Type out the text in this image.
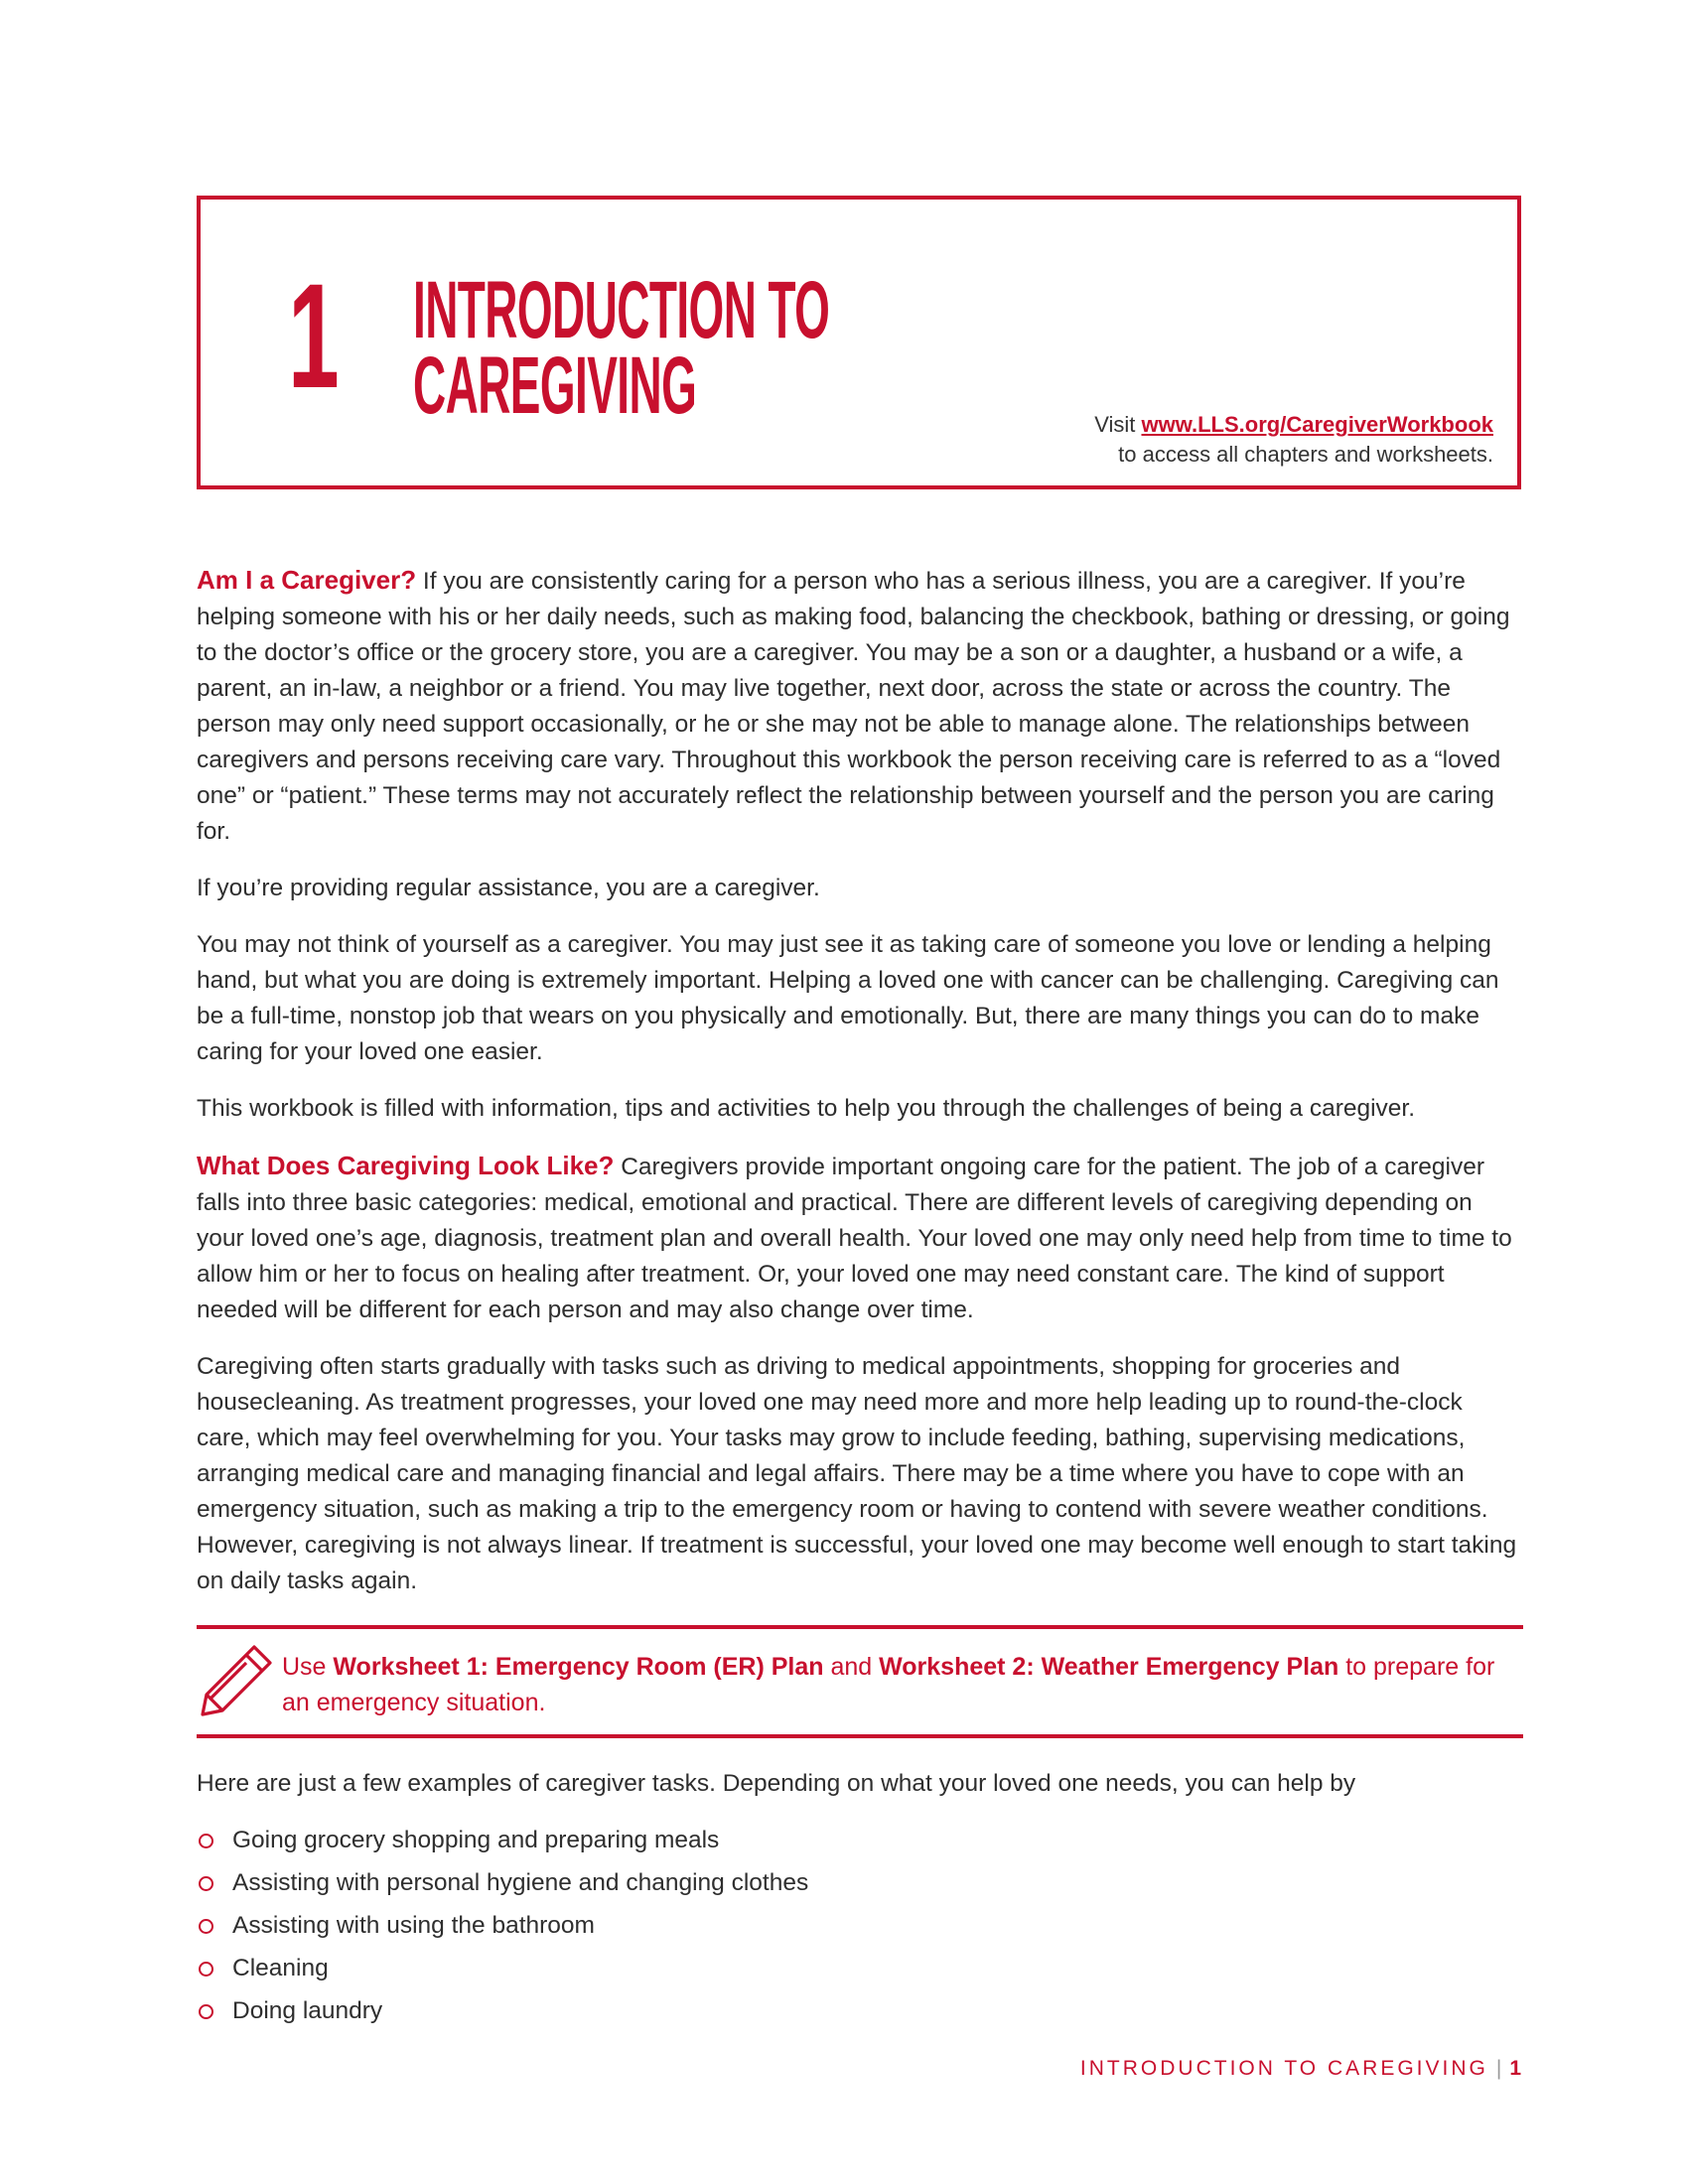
1 INTRODUCTION TO
CAREGIVING	Visit www.LLS.org/CaregiverWorkbook
to access all chapters and worksheets.

Am I a Caregiver? If you are consistently caring for a person who has a serious illness, you are a caregiver. If you’re helping someone with his or her daily needs, such as making food, balancing the checkbook, bathing or dressing, or going to the doctor’s office or the grocery store, you are a caregiver. You may be a son or a daughter, a husband or a wife, a parent, an in-law, a neighbor or a friend. You may live together, next door, across the state or across the country. The person may only need support occasionally, or he or she may not be able to manage alone. The relationships between caregivers and persons receiving care vary. Throughout this workbook the person receiving care is referred to as a “loved one” or “patient.” These terms may not accurately reflect the relationship between yourself and the person you are caring for.

If you’re providing regular assistance, you are a caregiver.

You may not think of yourself as a caregiver. You may just see it as taking care of someone you love or lending a helping hand, but what you are doing is extremely important. Helping a loved one with cancer can be challenging. Caregiving can be a full-time, nonstop job that wears on you physically and emotionally. But, there are many things you can do to make caring for your loved one easier.

This workbook is filled with information, tips and activities to help you through the challenges of being a caregiver.

What Does Caregiving Look Like? Caregivers provide important ongoing care for the patient. The job of a caregiver falls into three basic categories: medical, emotional and practical. There are different levels of caregiving depending on your loved one’s age, diagnosis, treatment plan and overall health. Your loved one may only need help from time to time to allow him or her to focus on healing after treatment. Or, your loved one may need constant care. The kind of support needed will be different for each person and may also change over time.

Caregiving often starts gradually with tasks such as driving to medical appointments, shopping for groceries and housecleaning. As treatment progresses, your loved one may need more and more help leading up to round-the-clock care, which may feel overwhelming for you. Your tasks may grow to include feeding, bathing, supervising medications, arranging medical care and managing financial and legal affairs. There may be a time where you have to cope with an emergency situation, such as making a trip to the emergency room or having to contend with severe weather conditions. However, caregiving is not always linear. If treatment is successful, your loved one may become well enough to start taking on daily tasks again.

Use Worksheet 1: Emergency Room (ER) Plan and Worksheet 2: Weather Emergency Plan to prepare for an emergency situation.

Here are just a few examples of caregiver tasks. Depending on what your loved one needs, you can help by

Going grocery shopping and preparing meals
Assisting with personal hygiene and changing clothes
Assisting with using the bathroom
Cleaning
Doing laundry
INTRODUCTION TO CAREGIVING | 1
